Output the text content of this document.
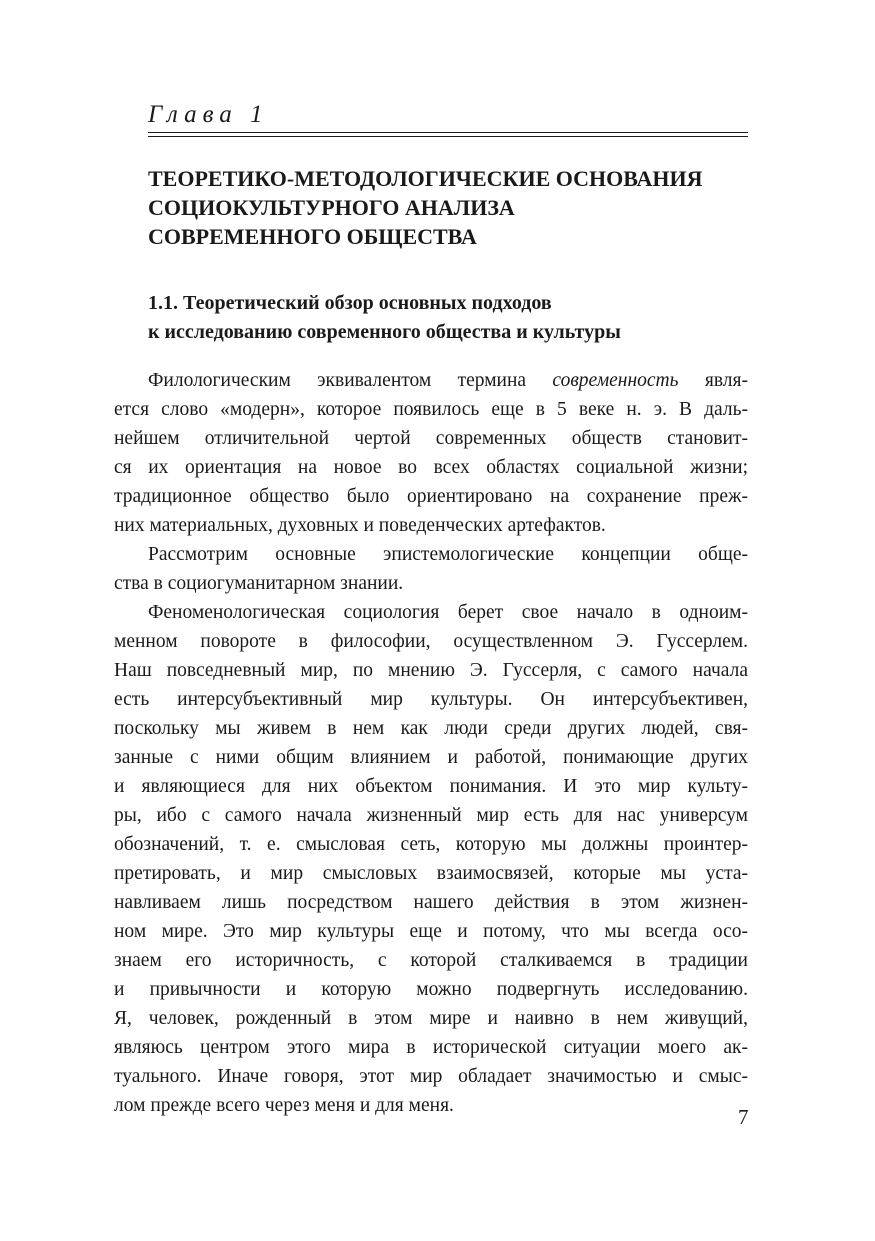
Глава 1
ТЕОРЕТИКО-МЕТОДОЛОГИЧЕСКИЕ ОСНОВАНИЯ
СОЦИОКУЛЬТУРНОГО АНАЛИЗА
СОВРЕМЕННОГО ОБЩЕСТВА
1.1. Теоретический обзор основных подходов
к исследованию современного общества и культуры
Филологическим эквивалентом термина современность явля-
ется слово «модерн», которое появилось еще в 5 веке н. э. В даль-
нейшем отличительной чертой современных обществ становит-
ся их ориентация на новое во всех областях социальной жизни;
традиционное общество было ориентировано на сохранение преж-
них материальных, духовных и поведенческих артефактов.
Рассмотрим основные эпистемологические концепции обще-
ства в социогуманитарном знании.
Феноменологическая социология берет свое начало в одноим-
менном повороте в философии, осуществленном Э. Гуссерлем.
Наш повседневный мир, по мнению Э. Гуссерля, с самого начала
есть интерсубъективный мир культуры. Он интерсубъективен,
поскольку мы живем в нем как люди среди других людей, свя-
занные с ними общим влиянием и работой, понимающие других
и являющиеся для них объектом понимания. И это мир культу-
ры, ибо с самого начала жизненный мир есть для нас универсум
обозначений, т. е. смысловая сеть, которую мы должны проинтер-
претировать, и мир смысловых взаимосвязей, которые мы уста-
навливаем лишь посредством нашего действия в этом жизнен-
ном мире. Это мир культуры еще и потому, что мы всегда осо-
знаем его историчность, с которой сталкиваемся в традиции
и привычности и которую можно подвергнуть исследованию.
Я, человек, рожденный в этом мире и наивно в нем живущий,
являюсь центром этого мира в исторической ситуации моего ак-
туального. Иначе говоря, этот мир обладает значимостью и смыс-
лом прежде всего через меня и для меня.	7
